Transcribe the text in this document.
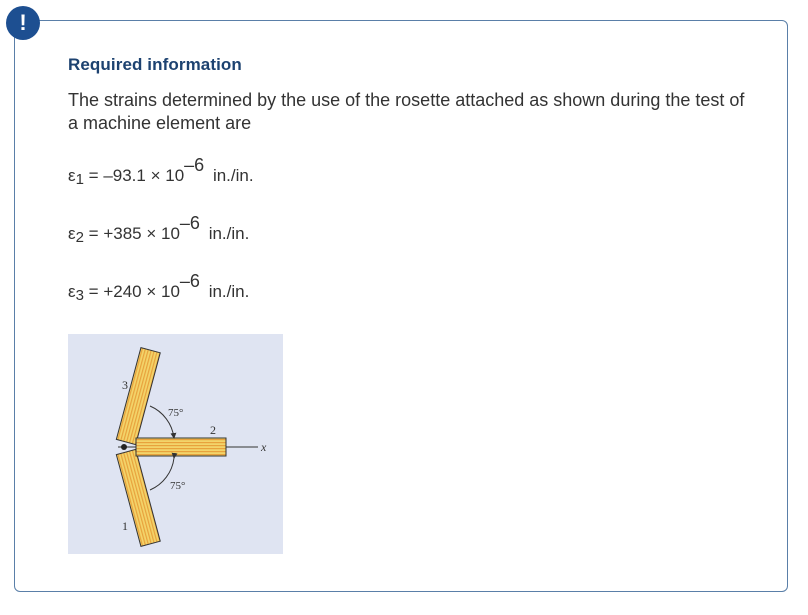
Required information

The strains determined by the use of the rosette attached as shown during the test of a machine element are

ε1 = –93.1 × 10–6 in./in.

ε2 = +385 × 10–6 in./in.

ε3 = +240 × 10–6 in./in.

3
2
1
75°
75°
x
!
